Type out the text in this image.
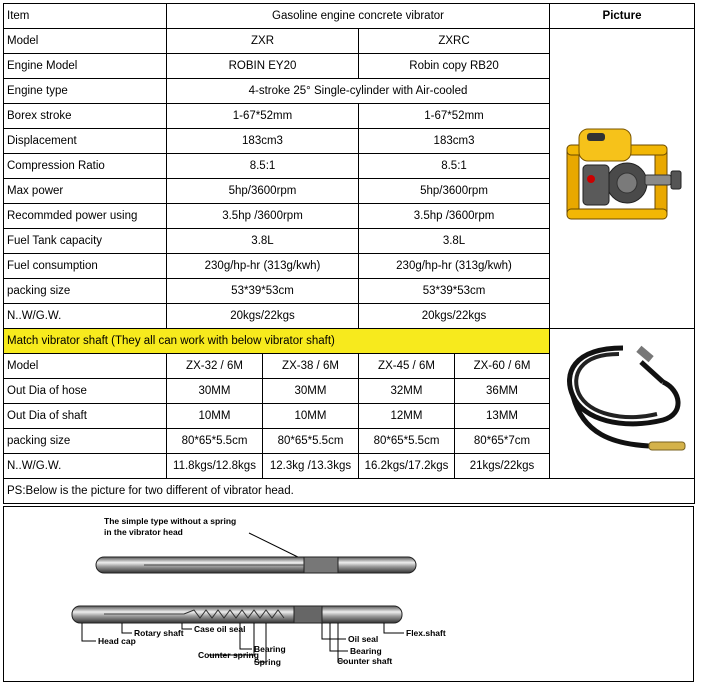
Item	Gasoline engine concrete vibrator				Picture
Model	ZXR		ZXRC	
Engine Model	ROBIN EY20		Robin copy RB20		
Engine type	4-stroke 25° Single-cylinder with Air-cooled				
Borex stroke	1-67*52mm		1-67*52mm		
Displacement	183cm3		183cm3		
Compression Ratio	8.5:1		8.5:1		
Max power	5hp/3600rpm		5hp/3600rpm		
Recommded power using	3.5hp /3600rpm		3.5hp /3600rpm		
Fuel Tank capacity	3.8L		3.8L		
Fuel consumption	230g/hp-hr (313g/kwh)		230g/hp-hr (313g/kwh)		
packing size	53*39*53cm		53*39*53cm		
N..W/G.W.	20kgs/22kgs		20kgs/22kgs		
Match vibrator shaft (They all can work with below vibrator shaft)	
Model	ZX-32 / 6M	ZX-38 / 6M	ZX-45 / 6M	ZX-60 / 6M	
Out Dia of hose	30MM	30MM	32MM	36MM	
Out Dia of shaft	10MM	10MM	12MM	13MM	
packing size	80*65*5.5cm	80*65*5.5cm	80*65*5.5cm	80*65*7cm	
N..W/G.W.	11.8kgs/12.8kgs	12.3kg /13.3kgs	16.2kgs/17.2kgs	21kgs/22kgs	
PS:Below is the picture for two different of vibrator head.					
The simple type without a spring
in the vibrator head
Head cap
Rotary shaft Case oil seal
Bearing
Counter spring
Spring
Oil seal
Bearing
Counter shaft
Flex.shaft
